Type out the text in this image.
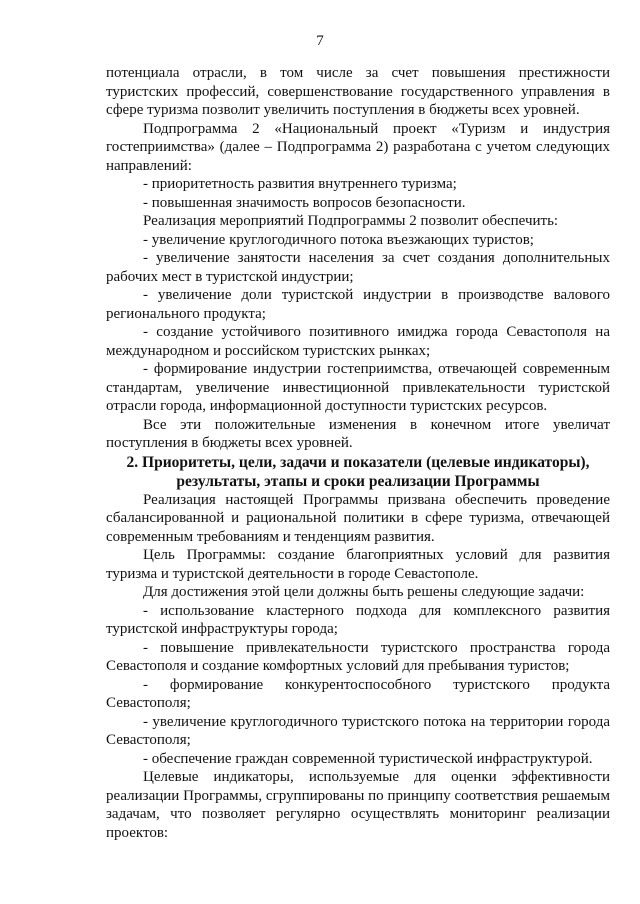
7

потенциала отрасли, в том числе за счет повышения престижности туристских профессий, совершенствование государственного управления в сфере туризма позволит увеличить поступления в бюджеты всех уровней.

Подпрограмма 2 «Национальный проект «Туризм и индустрия гостеприимства» (далее – Подпрограмма 2) разработана с учетом следующих направлений:

- приоритетность развития внутреннего туризма;

- повышенная значимость вопросов безопасности.

Реализация мероприятий Подпрограммы 2 позволит обеспечить:

- увеличение круглогодичного потока въезжающих туристов;

- увеличение занятости населения за счет создания дополнительных рабочих мест в туристской индустрии;

- увеличение доли туристской индустрии в производстве валового регионального продукта;

- создание устойчивого позитивного имиджа города Севастополя на международном и российском туристских рынках;

- формирование индустрии гостеприимства, отвечающей современным стандартам, увеличение инвестиционной привлекательности туристской отрасли города, информационной доступности туристских ресурсов.

Все эти положительные изменения в конечном итоге увеличат поступления в бюджеты всех уровней.

2. Приоритеты, цели, задачи и показатели (целевые индикаторы), результаты, этапы и сроки реализации Программы

Реализация настоящей Программы призвана обеспечить проведение сбалансированной и рациональной политики в сфере туризма, отвечающей современным требованиям и тенденциям развития.

Цель Программы: создание благоприятных условий для развития туризма и туристской деятельности в городе Севастополе.

Для достижения этой цели должны быть решены следующие задачи:

- использование кластерного подхода для комплексного развития туристской инфраструктуры города;

- повышение привлекательности туристского пространства города Севастополя и создание комфортных условий для пребывания туристов;

- формирование конкурентоспособного туристского продукта Севастополя;

- увеличение круглогодичного туристского потока на территории города Севастополя;

- обеспечение граждан современной туристической инфраструктурой.

Целевые индикаторы, используемые для оценки эффективности реализации Программы, сгруппированы по принципу соответствия решаемым задачам, что позволяет регулярно осуществлять мониторинг реализации проектов:
